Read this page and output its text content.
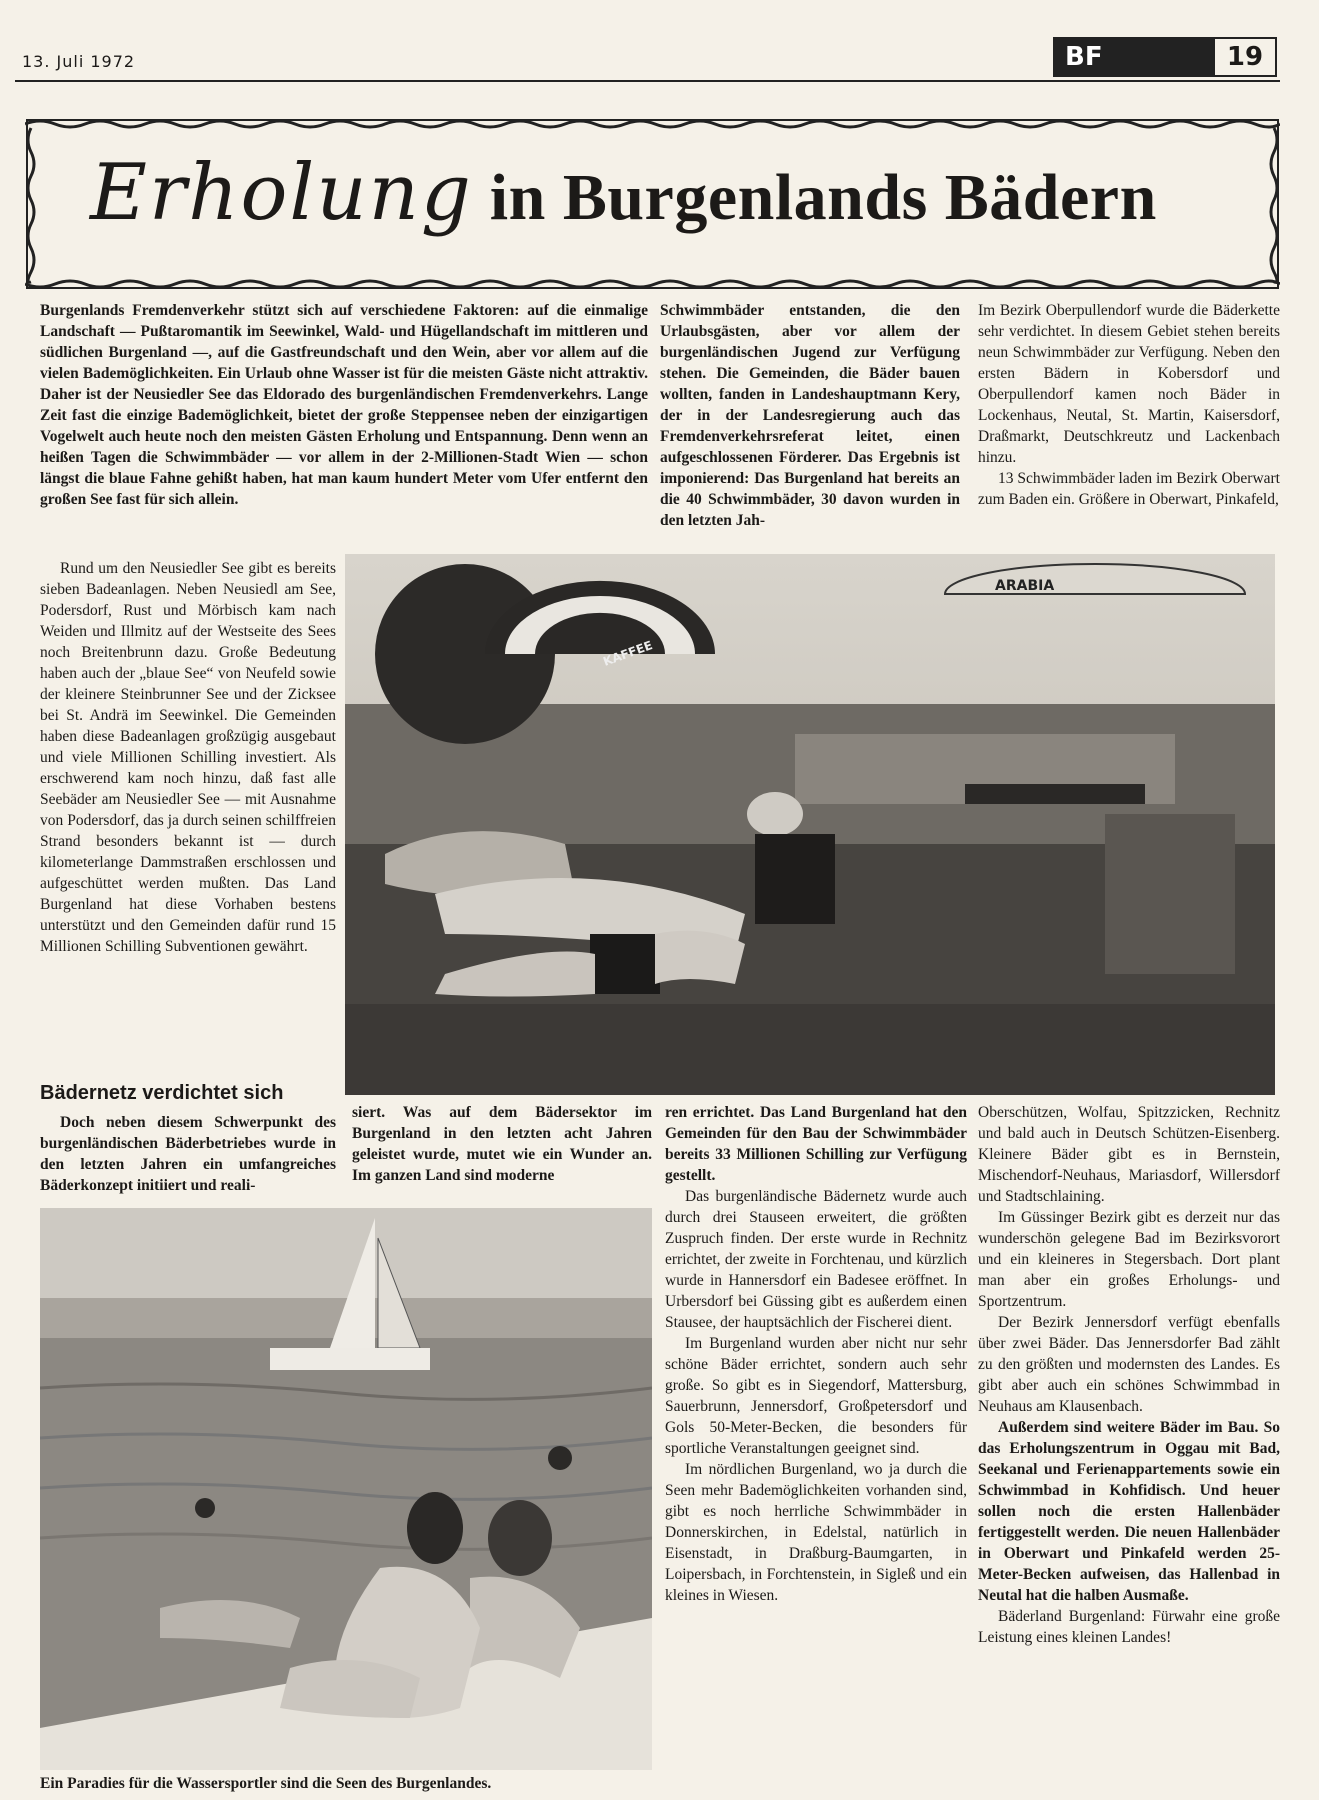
13. Juli 1972	BF	19
Erholung in Burgenlands Bädern

Burgenlands Fremdenverkehr stützt sich auf verschiedene Faktoren: auf die einmalige Landschaft — Pußtaromantik im Seewinkel, Wald- und Hügellandschaft im mittleren und südlichen Burgenland —, auf die Gastfreundschaft und den Wein, aber vor allem auf die vielen Bademöglichkeiten. Ein Urlaub ohne Wasser ist für die meisten Gäste nicht attraktiv. Daher ist der Neusiedler See das Eldorado des burgenländischen Fremdenverkehrs. Lange Zeit fast die einzige Bademöglichkeit, bietet der große Steppensee neben der einzigartigen Vogelwelt auch heute noch den meisten Gästen Erholung und Entspannung. Denn wenn an heißen Tagen die Schwimmbäder — vor allem in der 2-Millionen-Stadt Wien — schon längst die blaue Fahne gehißt haben, hat man kaum hundert Meter vom Ufer entfernt den großen See fast für sich allein.

Schwimmbäder entstanden, die den Urlaubsgästen, aber vor allem der burgenländischen Jugend zur Verfügung stehen. Die Gemeinden, die Bäder bauen wollten, fanden in Landeshauptmann Kery, der in der Landesregierung auch das Fremdenverkehrsreferat leitet, einen aufgeschlossenen Förderer. Das Ergebnis ist imponierend: Das Burgenland hat bereits an die 40 Schwimmbäder, 30 davon wurden in den letzten Jah-

Im Bezirk Oberpullendorf wurde die Bäderkette sehr verdichtet. In diesem Gebiet stehen bereits neun Schwimmbäder zur Verfügung. Neben den ersten Bädern in Kobersdorf und Oberpullendorf kamen noch Bäder in Lockenhaus, Neutal, St. Martin, Kaisersdorf, Draßmarkt, Deutschkreutz und Lackenbach hinzu.

13 Schwimmbäder laden im Bezirk Oberwart zum Baden ein. Größere in Oberwart, Pinkafeld,

Rund um den Neusiedler See gibt es bereits sieben Badeanlagen. Neben Neusiedl am See, Podersdorf, Rust und Mörbisch kam nach Weiden und Illmitz auf der Westseite des Sees noch Breitenbrunn dazu. Große Bedeutung haben auch der „blaue See“ von Neufeld sowie der kleinere Steinbrunner See und der Zicksee bei St. Andrä im Seewinkel. Die Gemeinden haben diese Badeanlagen großzügig ausgebaut und viele Millionen Schilling investiert. Als erschwerend kam noch hinzu, daß fast alle Seebäder am Neusiedler See — mit Ausnahme von Podersdorf, das ja durch seinen schilffreien Strand besonders bekannt ist — durch kilometerlange Dammstraßen erschlossen und aufgeschüttet werden mußten. Das Land Burgenland hat diese Vorhaben bestens unterstützt und den Gemeinden dafür rund 15 Millionen Schilling Subventionen gewährt.

ARABIA
KAFFEE
Bädernetz verdichtet sich

Doch neben diesem Schwerpunkt des burgenländischen Bäderbetriebes wurde in den letzten Jahren ein umfangreiches Bäderkonzept initiiert und reali-

siert. Was auf dem Bädersektor im Burgenland in den letzten acht Jahren geleistet wurde, mutet wie ein Wunder an. Im ganzen Land sind moderne

ren errichtet. Das Land Burgenland hat den Gemeinden für den Bau der Schwimmbäder bereits 33 Millionen Schilling zur Verfügung gestellt.

Das burgenländische Bädernetz wurde auch durch drei Stauseen erweitert, die größten Zuspruch finden. Der erste wurde in Rechnitz errichtet, der zweite in Forchtenau, und kürzlich wurde in Hannersdorf ein Badesee eröffnet. In Urbersdorf bei Güssing gibt es außerdem einen Stausee, der hauptsächlich der Fischerei dient.

Im Burgenland wurden aber nicht nur sehr schöne Bäder errichtet, sondern auch sehr große. So gibt es in Siegendorf, Mattersburg, Sauerbrunn, Jennersdorf, Großpetersdorf und Gols 50-Meter-Becken, die besonders für sportliche Veranstaltungen geeignet sind.

Im nördlichen Burgenland, wo ja durch die Seen mehr Bademöglichkeiten vorhanden sind, gibt es noch herrliche Schwimmbäder in Donnerskirchen, in Edelstal, natürlich in Eisenstadt, in Draßburg-Baumgarten, in Loipersbach, in Forchtenstein, in Sigleß und ein kleines in Wiesen.

Oberschützen, Wolfau, Spitzzicken, Rechnitz und bald auch in Deutsch Schützen-Eisenberg. Kleinere Bäder gibt es in Bernstein, Mischendorf-Neuhaus, Mariasdorf, Willersdorf und Stadtschlaining.

Im Güssinger Bezirk gibt es derzeit nur das wunderschön gelegene Bad im Bezirksvorort und ein kleineres in Stegersbach. Dort plant man aber ein großes Erholungs- und Sportzentrum.

Der Bezirk Jennersdorf verfügt ebenfalls über zwei Bäder. Das Jennersdorfer Bad zählt zu den größten und modernsten des Landes. Es gibt aber auch ein schönes Schwimmbad in Neuhaus am Klausenbach.

Außerdem sind weitere Bäder im Bau. So das Erholungszentrum in Oggau mit Bad, Seekanal und Ferienappartements sowie ein Schwimmbad in Kohfidisch. Und heuer sollen noch die ersten Hallenbäder fertiggestellt werden. Die neuen Hallenbäder in Oberwart und Pinkafeld werden 25-Meter-Becken aufweisen, das Hallenbad in Neutal hat die halben Ausmaße.

Bäderland Burgenland: Fürwahr eine große Leistung eines kleinen Landes!

Ein Paradies für die Wassersportler sind die Seen des Burgenlandes.
